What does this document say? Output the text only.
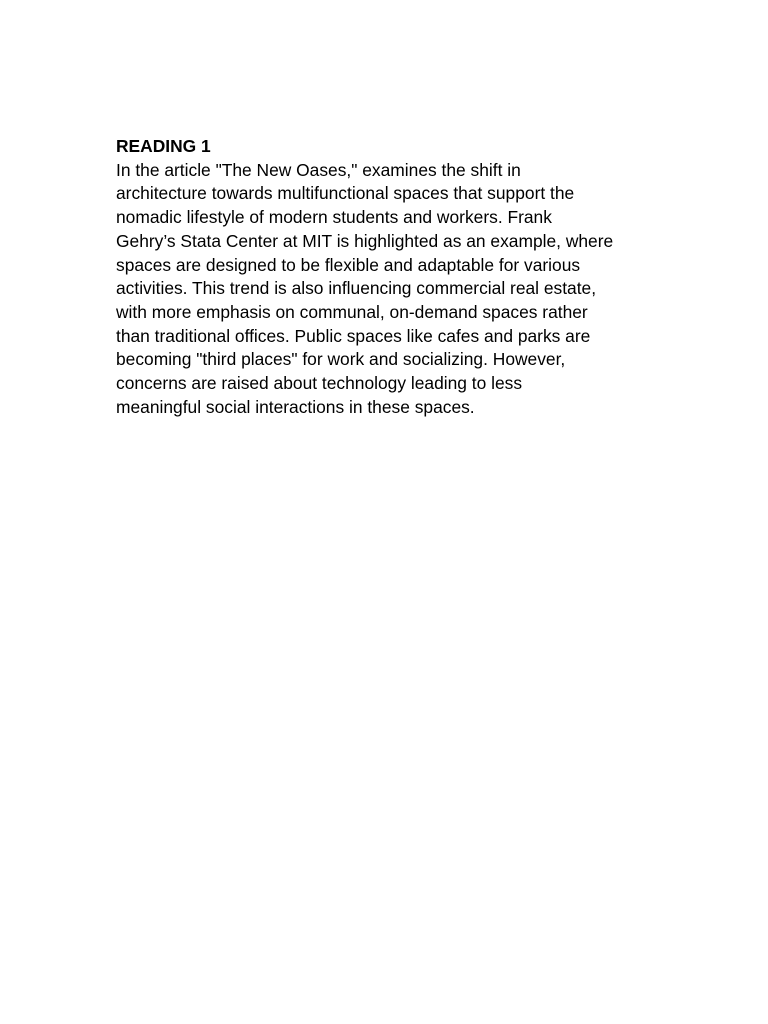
READING 1
In the article "The New Oases," examines the shift in
architecture towards multifunctional spaces that support the
nomadic lifestyle of modern students and workers. Frank
Gehry’s Stata Center at MIT is highlighted as an example, where
spaces are designed to be flexible and adaptable for various
activities. This trend is also influencing commercial real estate,
with more emphasis on communal, on-demand spaces rather
than traditional offices. Public spaces like cafes and parks are
becoming "third places" for work and socializing. However,
concerns are raised about technology leading to less
meaningful social interactions in these spaces.
